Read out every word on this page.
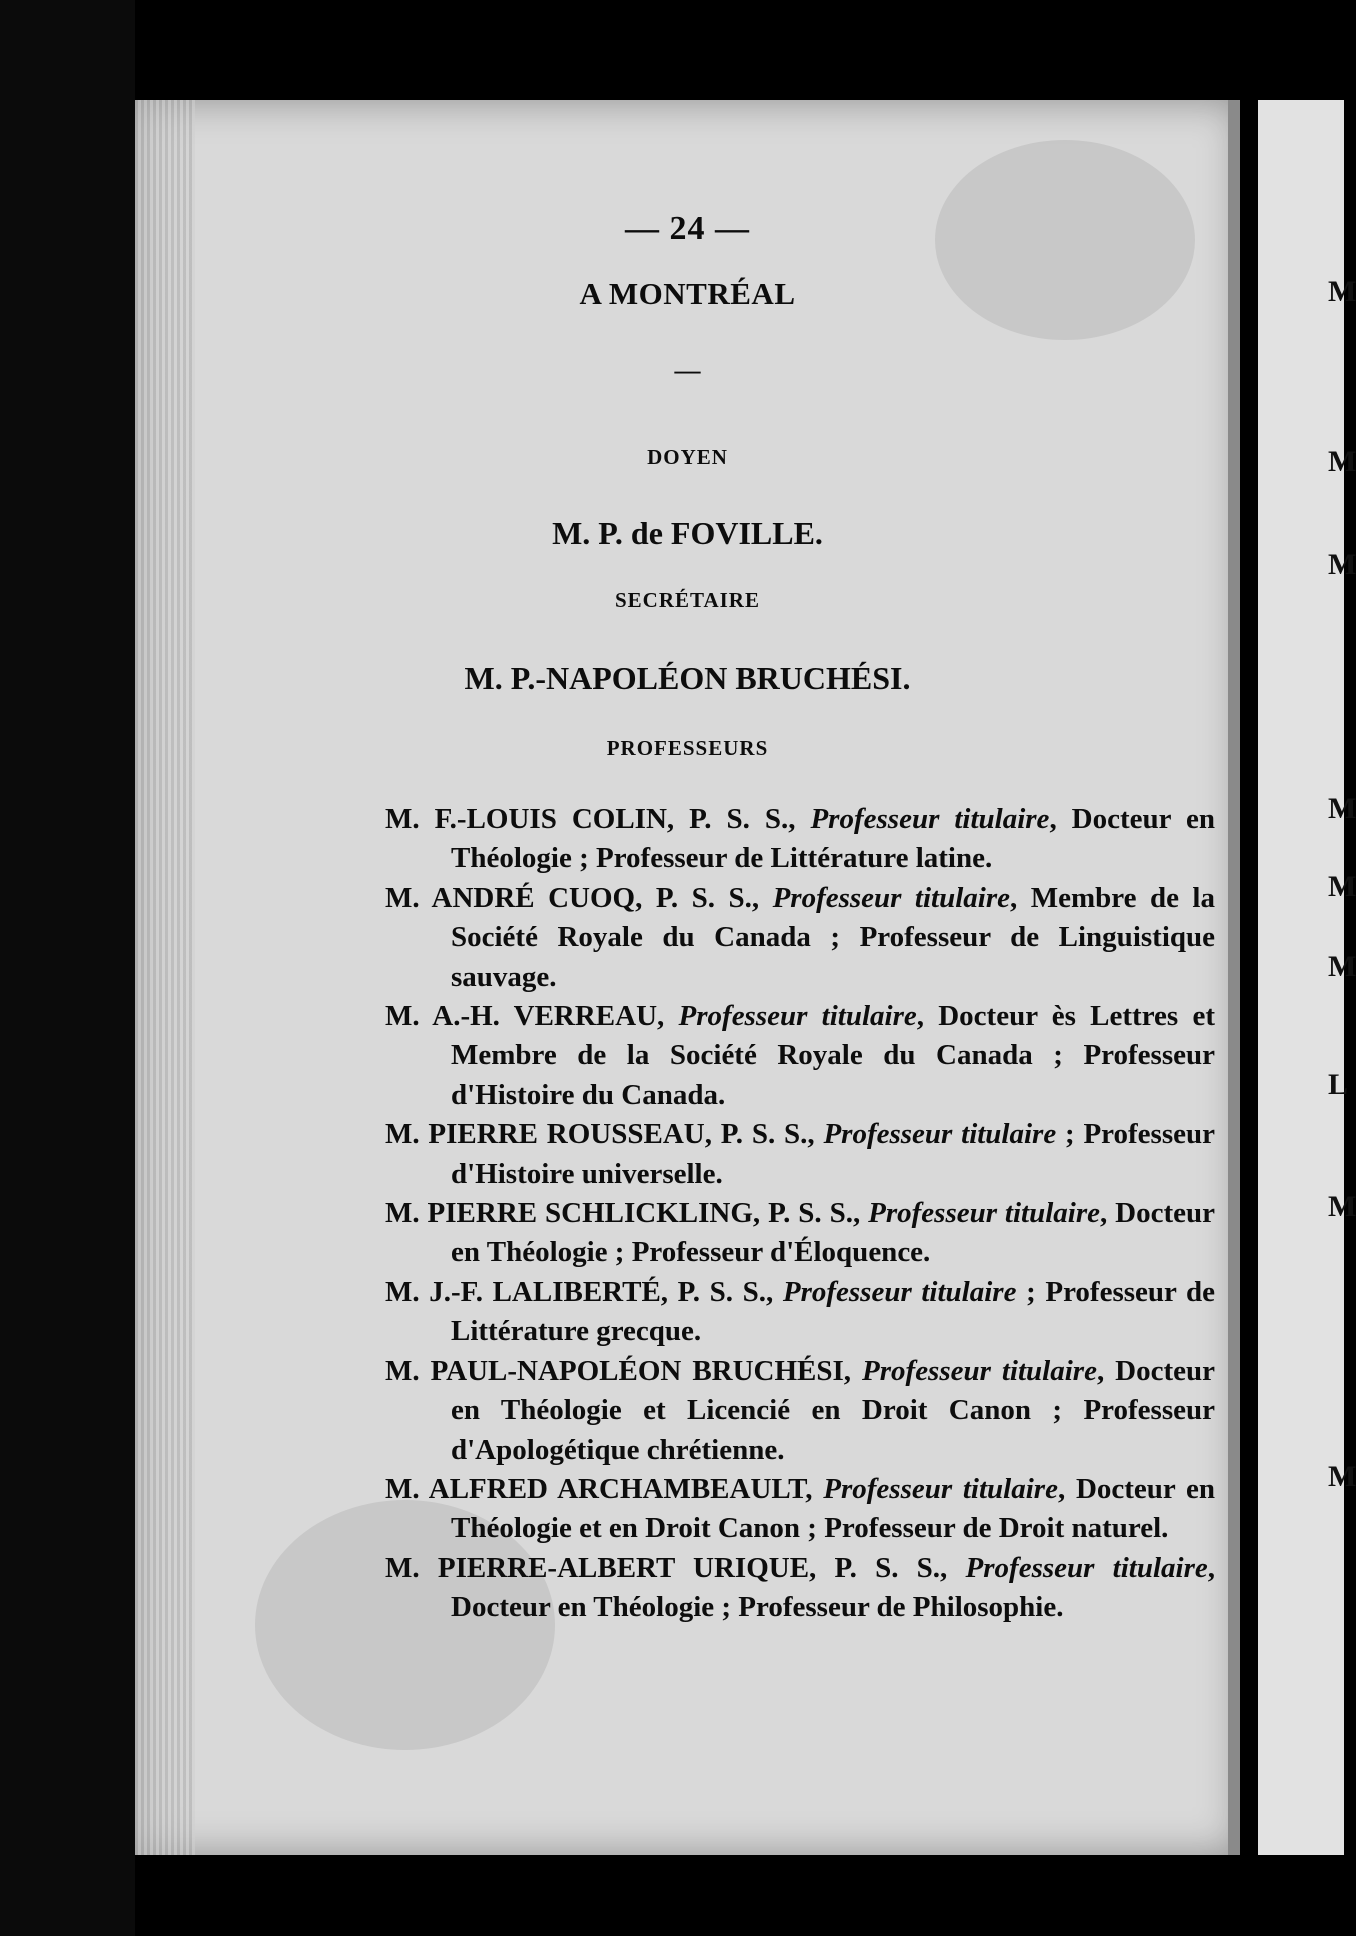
M
M
M
M
M
M
L
M
M
— 24 —
A MONTRÉAL
—
DOYEN
M. P. de FOVILLE.
SECRÉTAIRE
M. P.-NAPOLÉON BRUCHÉSI.
PROFESSEURS

M. F.-LOUIS COLIN, P. S. S., Professeur titulaire, Docteur en Théologie ; Professeur de Littérature latine.

M. ANDRÉ CUOQ, P. S. S., Professeur titulaire, Membre de la Société Royale du Canada ; Professeur de Linguistique sauvage.

M. A.-H. VERREAU, Professeur titulaire, Docteur ès Lettres et Membre de la Société Royale du Canada ; Professeur d'Histoire du Canada.

M. PIERRE ROUSSEAU, P. S. S., Professeur titulaire ; Professeur d'Histoire universelle.

M. PIERRE SCHLICKLING, P. S. S., Professeur titulaire, Docteur en Théologie ; Professeur d'Éloquence.

M. J.-F. LALIBERTÉ, P. S. S., Professeur titulaire ; Professeur de Littérature grecque.

M. PAUL-NAPOLÉON BRUCHÉSI, Professeur titulaire, Docteur en Théologie et Licencié en Droit Canon ; Professeur d'Apologétique chrétienne.

M. ALFRED ARCHAMBEAULT, Professeur titulaire, Docteur en Théologie et en Droit Canon ; Professeur de Droit naturel.

M. PIERRE-ALBERT URIQUE, P. S. S., Professeur titulaire, Docteur en Théologie ; Professeur de Philosophie.
